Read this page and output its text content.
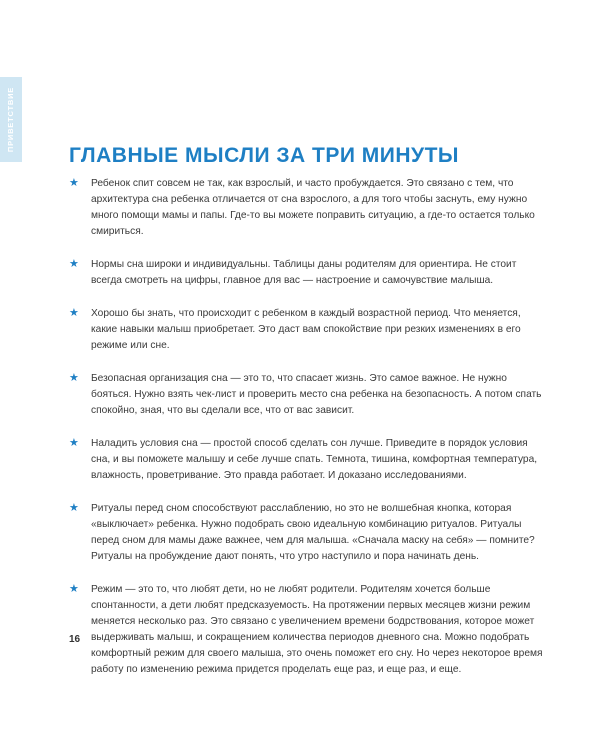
ПРИВЕТСТВИЕ
ГЛАВНЫЕ МЫСЛИ ЗА ТРИ МИНУТЫ
★ Ребенок спит совсем не так, как взрослый, и часто пробуждается. Это связано с тем, что архитектура сна ребенка отличается от сна взрослого, а для того чтобы заснуть, ему нужно много помощи мамы и папы. Где-то вы можете поправить ситуацию, а где-то остается только смириться.
★ Нормы сна широки и индивидуальны. Таблицы даны родителям для ориентира. Не стоит всегда смотреть на цифры, главное для вас — настроение и самочувствие малыша.
★ Хорошо бы знать, что происходит с ребенком в каждый возрастной период. Что меняется, какие навыки малыш приобретает. Это даст вам спокойствие при резких изменениях в его режиме или сне.
★ Безопасная организация сна — это то, что спасает жизнь. Это самое важное. Не нужно бояться. Нужно взять чек-лист и проверить место сна ребенка на безопасность. А потом спать спокойно, зная, что вы сделали все, что от вас зависит.
★ Наладить условия сна — простой способ сделать сон лучше. Приведите в порядок условия сна, и вы поможете малышу и себе лучше спать. Темнота, тишина, комфортная температура, влажность, проветривание. Это правда работает. И доказано исследованиями.
★ Ритуалы перед сном способствуют расслаблению, но это не волшебная кнопка, которая «выключает» ребенка. Нужно подобрать свою идеальную комбинацию ритуалов. Ритуалы перед сном для мамы даже важнее, чем для малыша. «Сначала маску на себя» — помните? Ритуалы на пробуждение дают понять, что утро наступило и пора начинать день.
★ Режим — это то, что любят дети, но не любят родители. Родителям хочется больше спонтанности, а дети любят предсказуемость. На протяжении первых месяцев жизни режим меняется несколько раз. Это связано с увеличением времени бодрствования, которое может выдерживать малыш, и сокращением количества периодов дневного сна. Можно подобрать комфортный режим для своего малыша, это очень поможет его сну. Но через некоторое время работу по изменению режима придется проделать еще раз, и еще раз, и еще.
16
